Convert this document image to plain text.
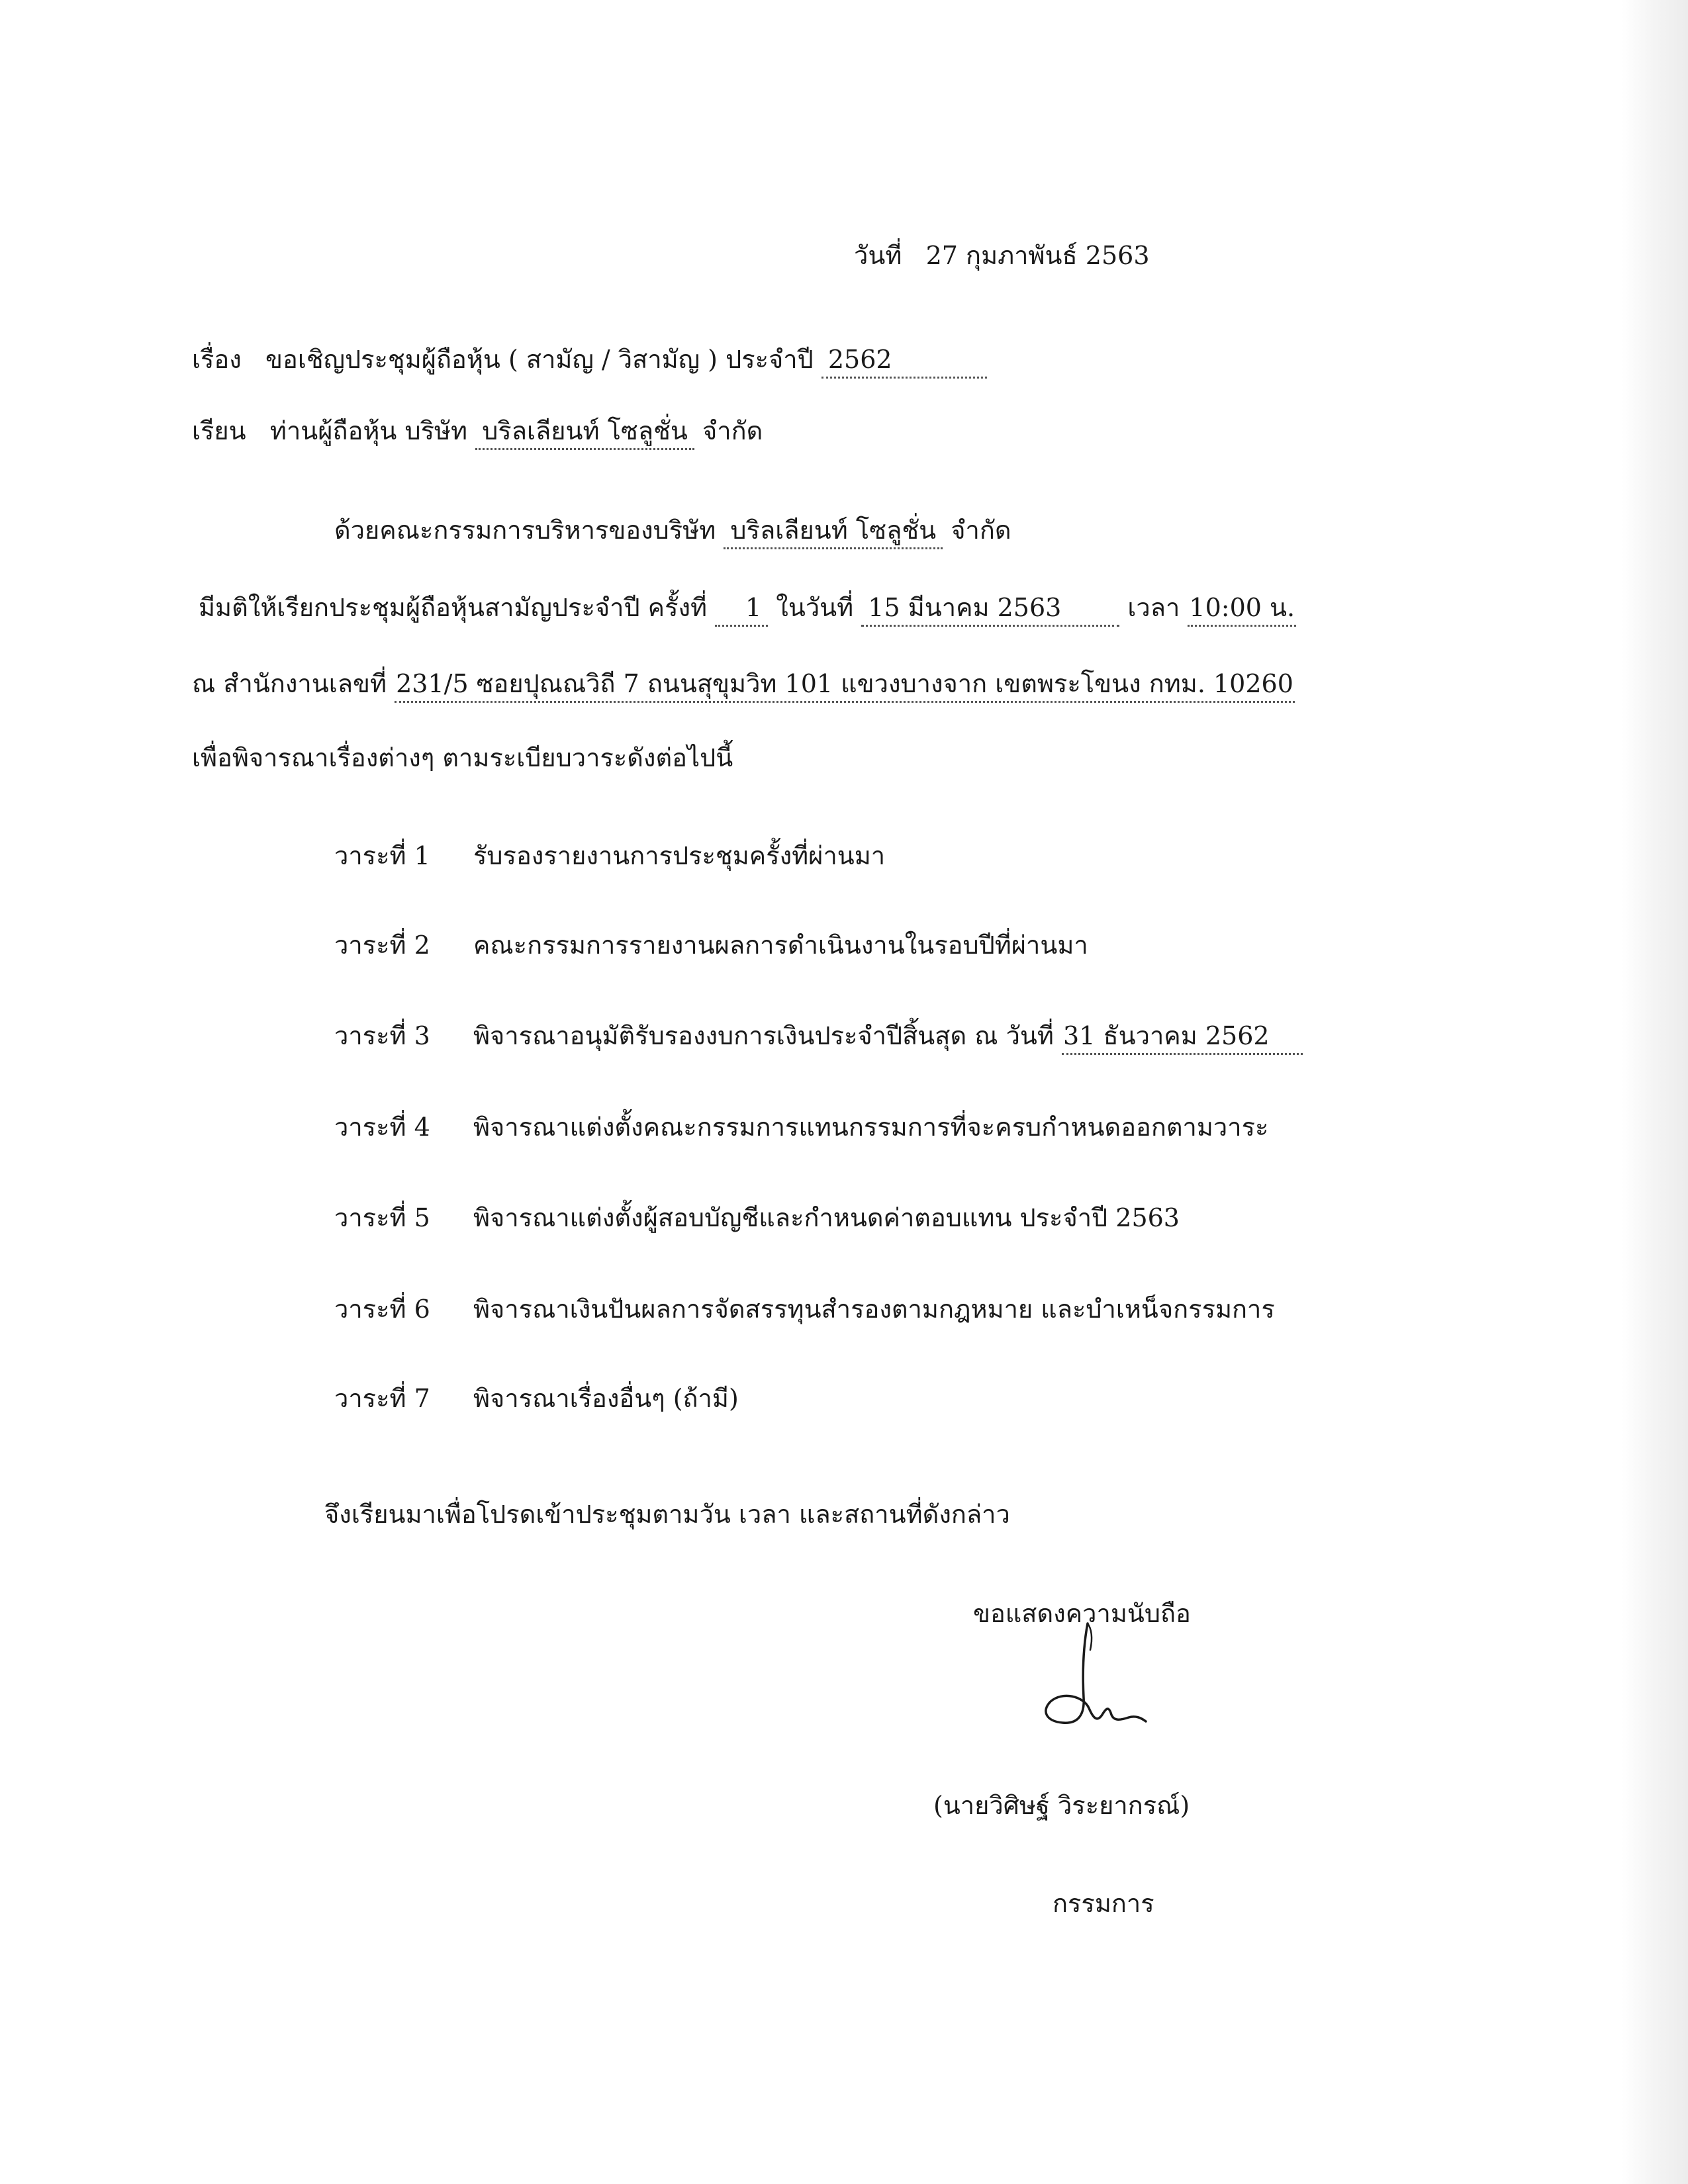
วันที่ 27 กุมภาพันธ์ 2563

เรื่อง ขอเชิญประชุมผู้ถือหุ้น ( สามัญ / วิสามัญ ) ประจำปี 2562

เรียน ท่านผู้ถือหุ้น บริษัท บริลเลียนท์ โซลูชั่น จำกัด

ด้วยคณะกรรมการบริหารของบริษัท บริลเลียนท์ โซลูชั่น จำกัด

มีมติให้เรียกประชุมผู้ถือหุ้นสามัญประจำปี ครั้งที่ 1 ในวันที่ 15 มีนาคม 2563	เวลา 10:00 น.

ณ สำนักงานเลขที่ 231/5 ซอยปุณณวิถี 7 ถนนสุขุมวิท 101 แขวงบางจาก เขตพระโขนง กทม. 10260

เพื่อพิจารณาเรื่องต่างๆ ตามระเบียบวาระดังต่อไปนี้

วาระที่ 1 รับรองรายงานการประชุมครั้งที่ผ่านมา

วาระที่ 2 คณะกรรมการรายงานผลการดำเนินงานในรอบปีที่ผ่านมา

วาระที่ 3 พิจารณาอนุมัติรับรองงบการเงินประจำปีสิ้นสุด ณ วันที่ 31 ธันวาคม 2562

วาระที่ 4 พิจารณาแต่งตั้งคณะกรรมการแทนกรรมการที่จะครบกำหนดออกตามวาระ

วาระที่ 5 พิจารณาแต่งตั้งผู้สอบบัญชีและกำหนดค่าตอบแทน ประจำปี 2563

วาระที่ 6 พิจารณาเงินปันผลการจัดสรรทุนสำรองตามกฎหมาย และบำเหน็จกรรมการ

วาระที่ 7 พิจารณาเรื่องอื่นๆ (ถ้ามี)

จึงเรียนมาเพื่อโปรดเข้าประชุมตามวัน เวลา และสถานที่ดังกล่าว

ขอแสดงความนับถือ

(นายวิศิษฐ์ วิระยากรณ์)

กรรมการ
